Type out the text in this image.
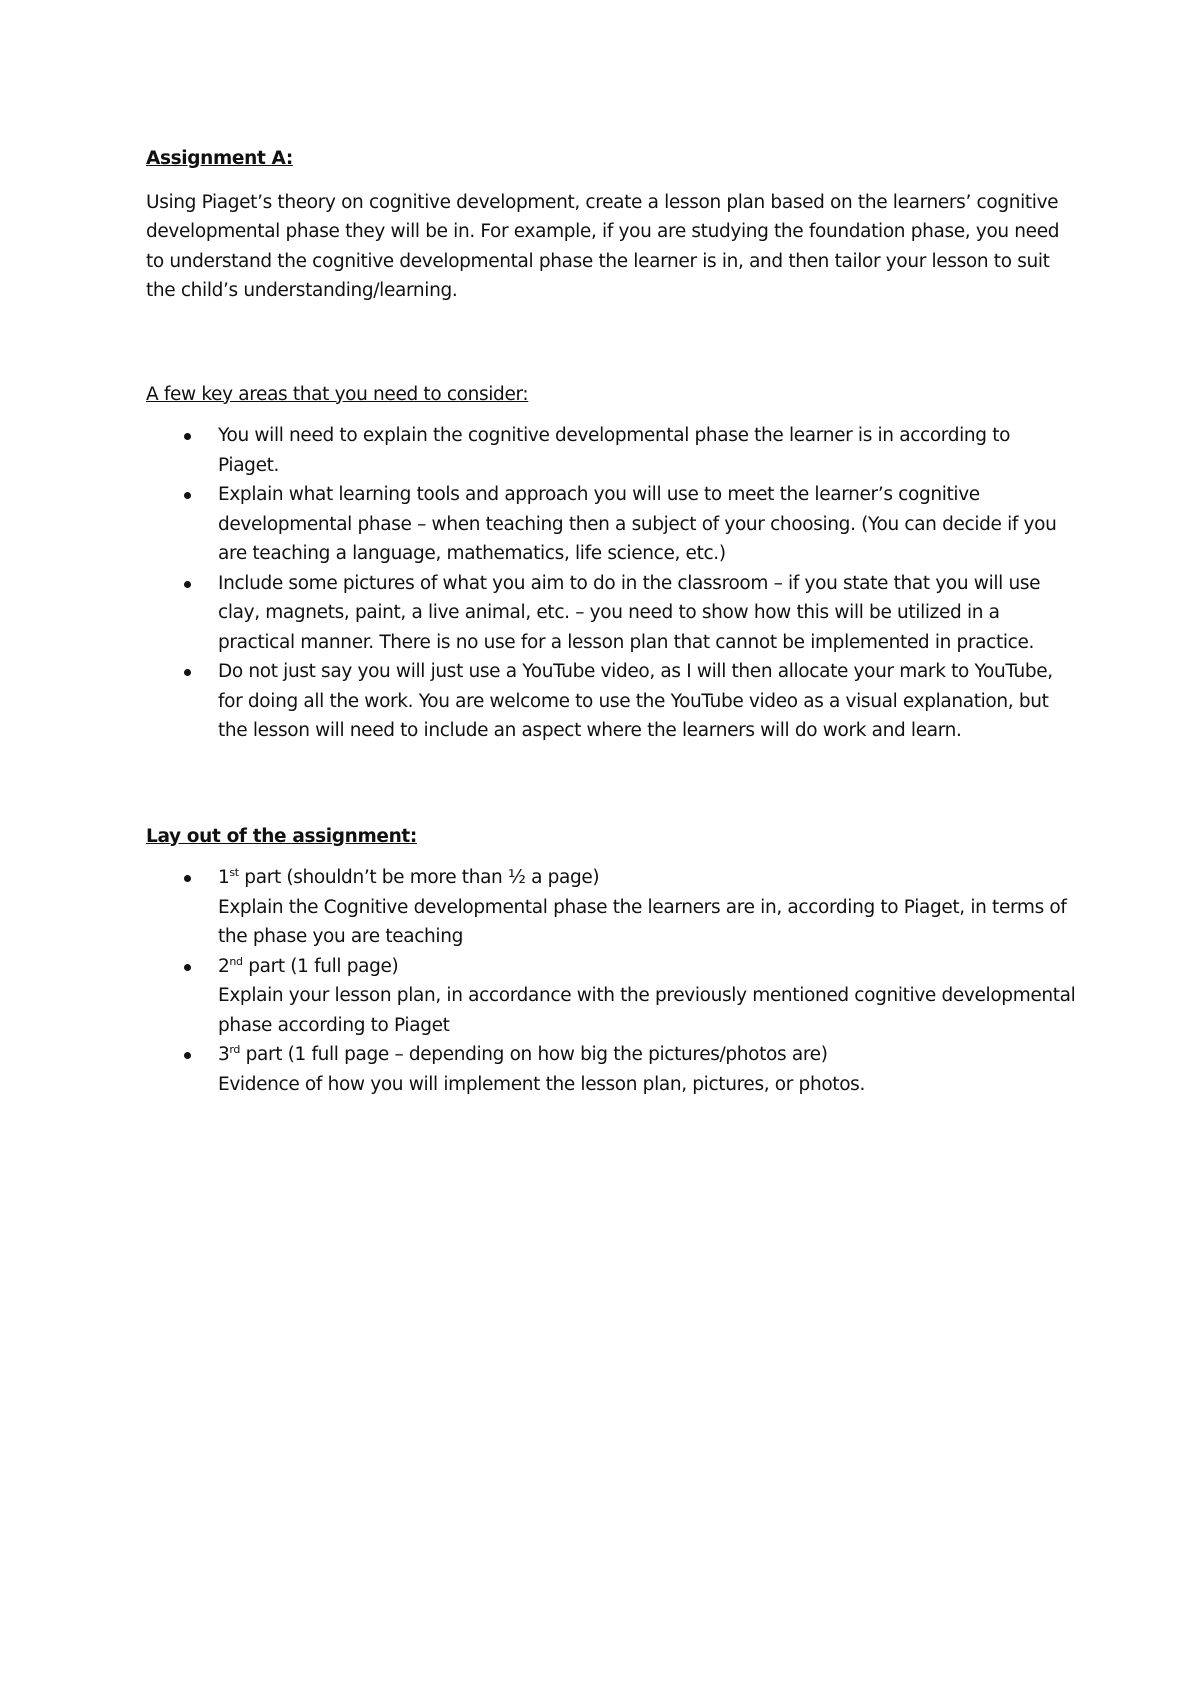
Assignment A:

Using Piaget’s theory on cognitive development, create a lesson plan based on the learners’ cognitive developmental phase they will be in. For example, if you are studying the foundation phase, you need to understand the cognitive developmental phase the learner is in, and then tailor your lesson to suit the child’s understanding/learning.

A few key areas that you need to consider:

You will need to explain the cognitive developmental phase the learner is in according to Piaget.
Explain what learning tools and approach you will use to meet the learner’s cognitive developmental phase – when teaching then a subject of your choosing. (You can decide if you are teaching a language, mathematics, life science, etc.)
Include some pictures of what you aim to do in the classroom – if you state that you will use clay, magnets, paint, a live animal, etc. – you need to show how this will be utilized in a practical manner. There is no use for a lesson plan that cannot be implemented in practice.
Do not just say you will just use a YouTube video, as I will then allocate your mark to YouTube, for doing all the work. You are welcome to use the YouTube video as a visual explanation, but the lesson will need to include an aspect where the learners will do work and learn.

Lay out of the assignment:

1st part (shouldn’t be more than ½ a page)
Explain the Cognitive developmental phase the learners are in, according to Piaget, in terms of the phase you are teaching
2nd part (1 full page)
Explain your lesson plan, in accordance with the previously mentioned cognitive developmental phase according to Piaget
3rd part (1 full page – depending on how big the pictures/photos are)
Evidence of how you will implement the lesson plan, pictures, or photos.
